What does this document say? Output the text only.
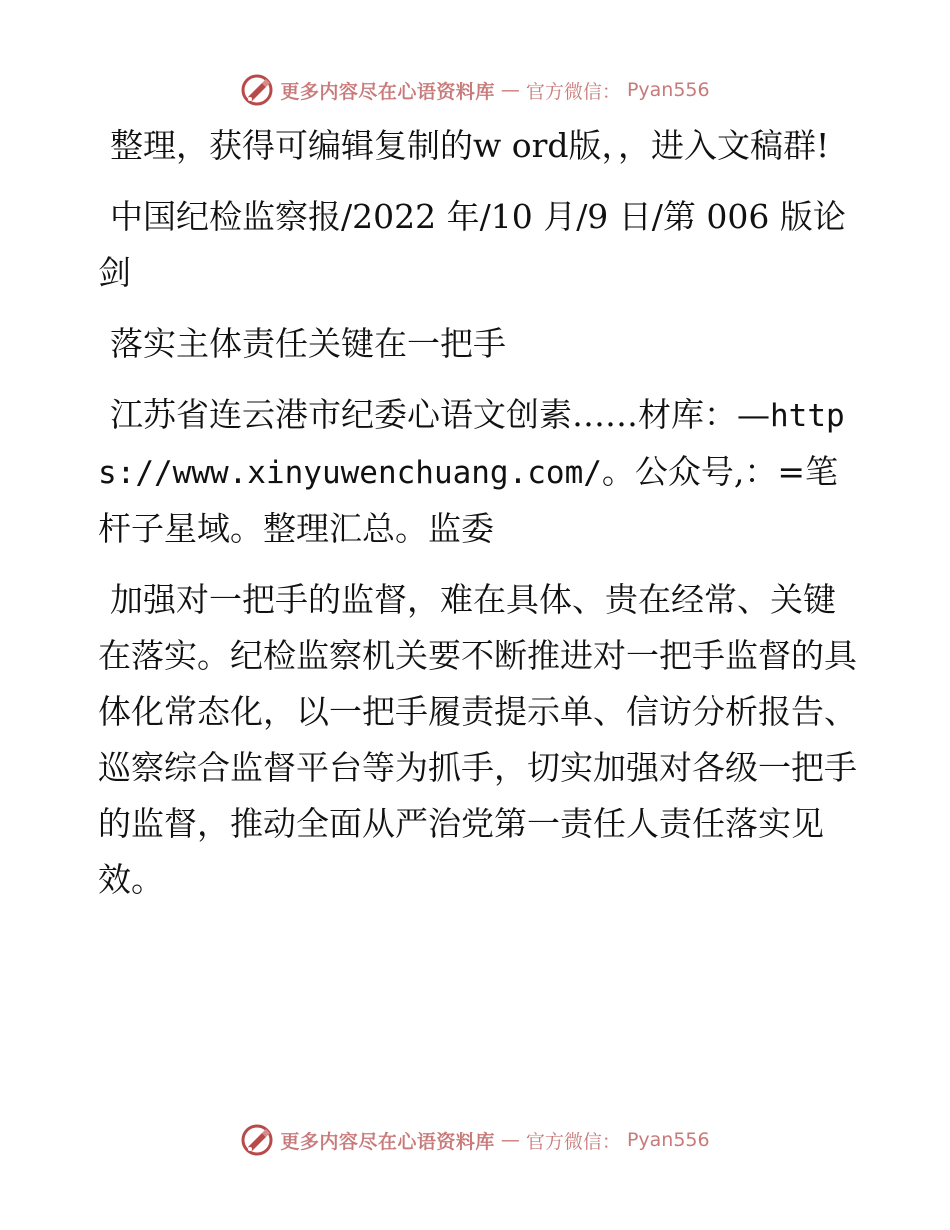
更多内容尽在心语资料库 — 官方微信： Pyan556

整理，获得可编辑复制的w ord版，，进入文稿群!

中国纪检监察报/2022 年/10 月/9 日/第 006 版论剑

落实主体责任关键在一把手

江苏省连云港市纪委心语文创素……材库：—https://www.xinyuwenchuang.com/。公众号,：=笔杆子星域。整理汇总。监委

加强对一把手的监督，难在具体、贵在经常、关键在落实。纪检监察机关要不断推进对一把手监督的具体化常态化，以一把手履责提示单、信访分析报告、巡察综合监督平台等为抓手，切实加强对各级一把手的监督，推动全面从严治党第一责任人责任落实见效。

更多内容尽在心语资料库 — 官方微信： Pyan556
